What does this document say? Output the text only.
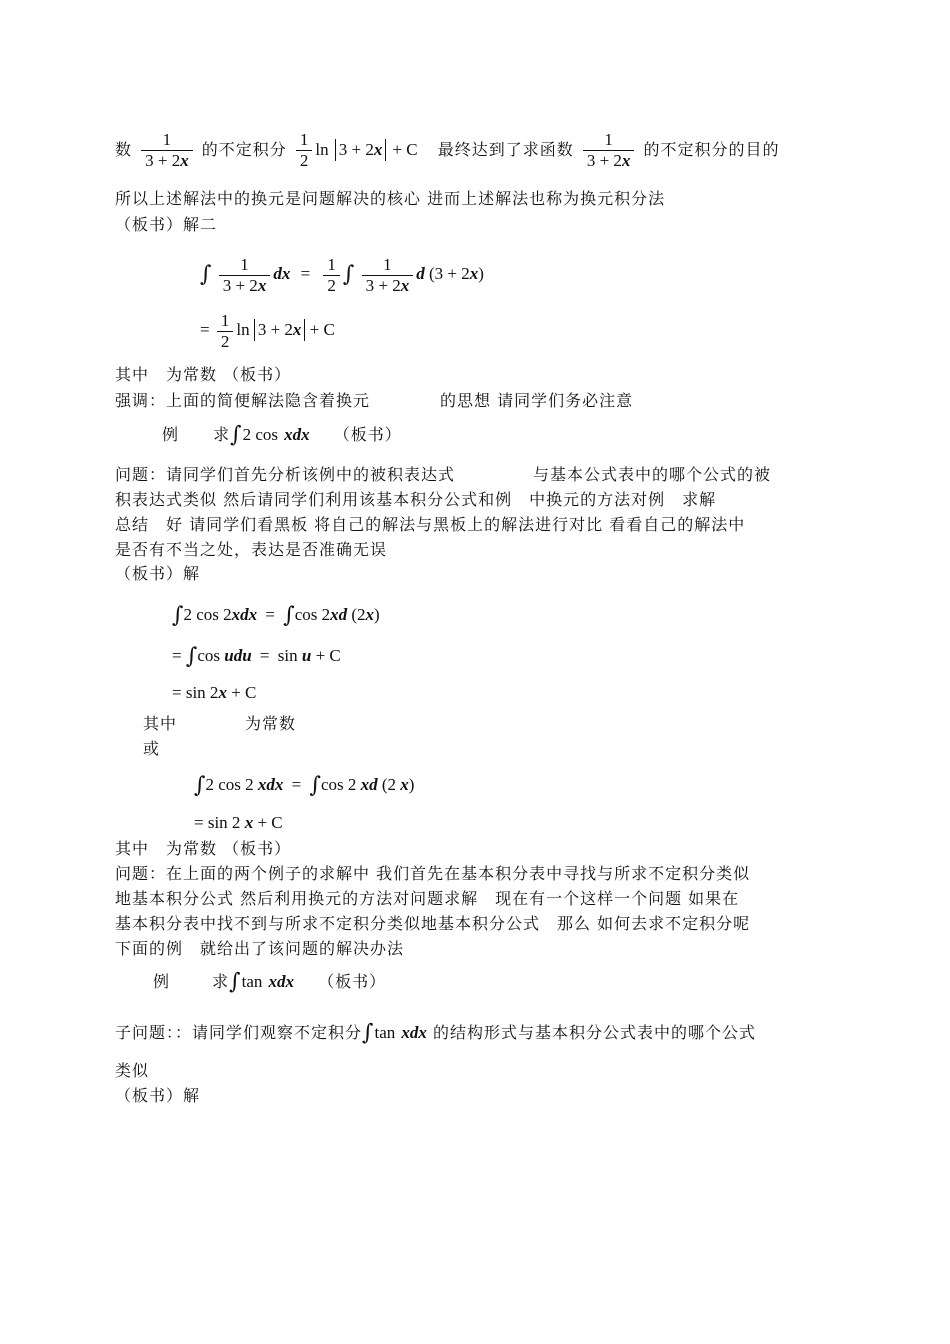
数 $\frac{1}{3 + 2x}$ 的不定积分 $\frac{1}{2}$ ln 3 + 2x + C 最终达到了求函数 $\frac{1}{3 + 2x}$ 的不定积分的目的
所以上述解法中的换元是问题解决的核心 进而上述解法也称为换元积分法
（板书）解二
∫ $\frac{1}{3 + 2x}$ dx = $\frac{1}{2}$ ∫ $\frac{1}{3 + 2x}$ d (3 + 2x)
= $\frac{1}{2}$ ln 3 + 2x + C
其中　为常数 （板书）
强调：上面的简便解法隐含着换元	的思想 请同学们务必注意
例 求∫2 cos xdx （板书）
问题：请同学们首先分析该例中的被积表达式	与基本公式表中的哪个公式的被
积表达式类似 然后请同学们利用该基本积分公式和例　中换元的方法对例　求解
总结　好 请同学们看黑板 将自己的解法与黑板上的解法进行对比 看看自己的解法中
是否有不当之处，表达是否准确无误
（板书）解
∫2 cos 2xdx = ∫cos 2xd (2x)
= ∫cos udu = sin u + C
= sin 2x + C
其中　　　　为常数
或
∫2 cos 2 xdx = ∫cos 2 xd (2 x)
= sin 2 x + C
其中　为常数 （板书）
问题：在上面的两个例子的求解中 我们首先在基本积分表中寻找与所求不定积分类似
地基本积分公式 然后利用换元的方法对问题求解　现在有一个这样一个问题 如果在
基本积分表中找不到与所求不定积分类似地基本积分公式　那么 如何去求不定积分呢
下面的例　就给出了该问题的解决办法
例	求∫tan xdx （板书）
子问题：：请同学们观察不定积分∫tan xdx 的结构形式与基本积分公式表中的哪个公式
类似
（板书）解
